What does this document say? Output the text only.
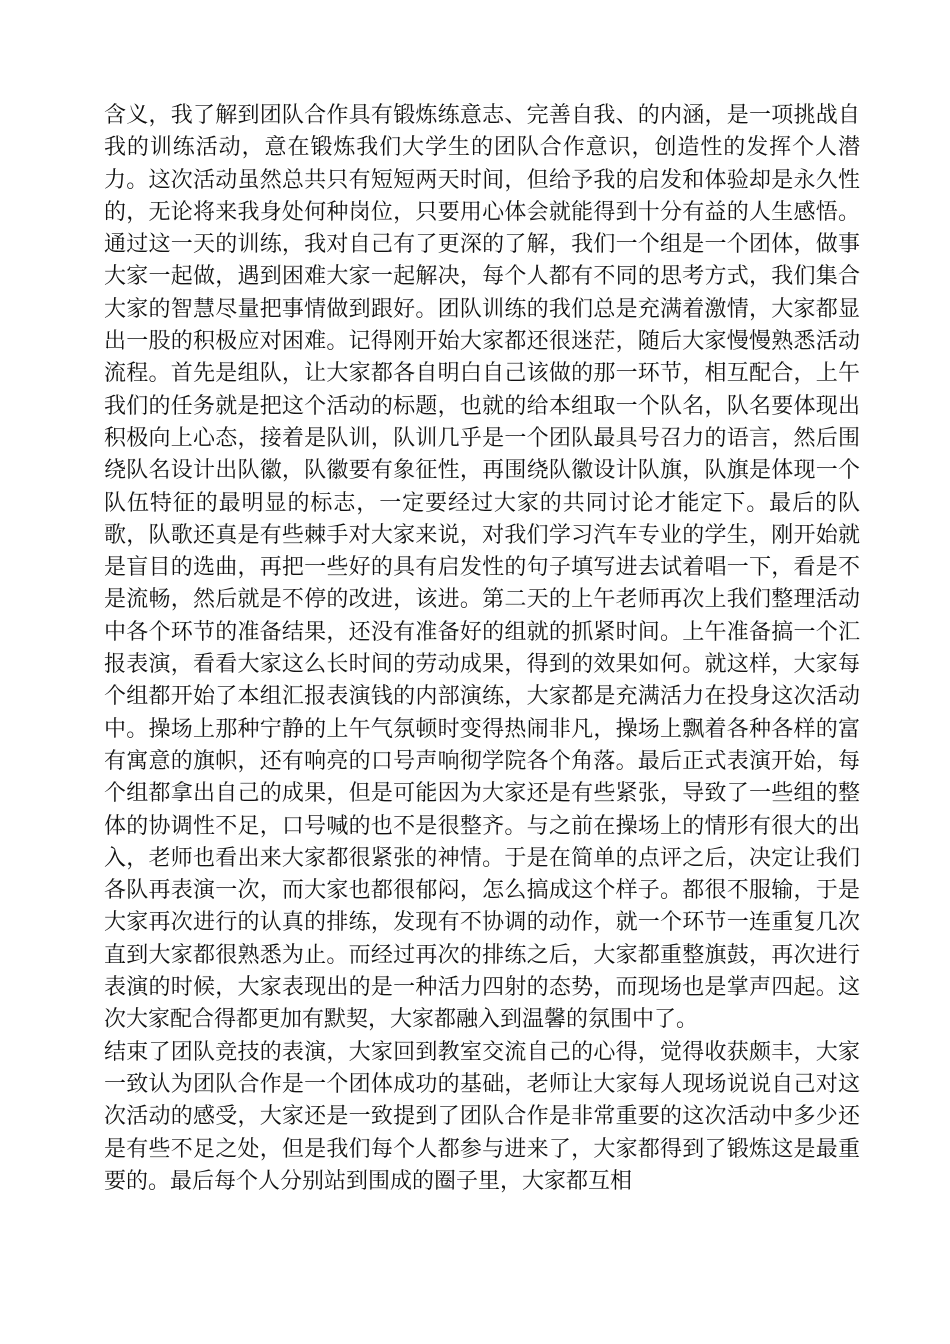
含义，我了解到团队合作具有锻炼练意志、完善自我、的内涵，是一项挑战自我的训练活动，意在锻炼我们大学生的团队合作意识，创造性的发挥个人潜力。这次活动虽然总共只有短短两天时间，但给予我的启发和体验却是永久性的，无论将来我身处何种岗位，只要用心体会就能得到十分有益的人生感悟。通过这一天的训练，我对自己有了更深的了解，我们一个组是一个团体，做事大家一起做，遇到困难大家一起解决，每个人都有不同的思考方式，我们集合大家的智慧尽量把事情做到跟好。团队训练的我们总是充满着激情，大家都显出一股的积极应对困难。记得刚开始大家都还很迷茫，随后大家慢慢熟悉活动流程。首先是组队，让大家都各自明白自己该做的那一环节，相互配合，上午我们的任务就是把这个活动的标题，也就的给本组取一个队名，队名要体现出积极向上心态，接着是队训，队训几乎是一个团队最具号召力的语言，然后围绕队名设计出队徽，队徽要有象征性，再围绕队徽设计队旗，队旗是体现一个队伍特征的最明显的标志，一定要经过大家的共同讨论才能定下。最后的队歌，队歌还真是有些棘手对大家来说，对我们学习汽车专业的学生，刚开始就是盲目的选曲，再把一些好的具有启发性的句子填写进去试着唱一下，看是不是流畅，然后就是不停的改进，该进。第二天的上午老师再次上我们整理活动中各个环节的准备结果，还没有准备好的组就的抓紧时间。上午准备搞一个汇报表演，看看大家这么长时间的劳动成果，得到的效果如何。就这样，大家每个组都开始了本组汇报表演钱的内部演练，大家都是充满活力在投身这次活动中。操场上那种宁静的上午气氛顿时变得热闹非凡，操场上飘着各种各样的富有寓意的旗帜，还有响亮的口号声响彻学院各个角落。最后正式表演开始，每个组都拿出自己的成果，但是可能因为大家还是有些紧张，导致了一些组的整体的协调性不足，口号喊的也不是很整齐。与之前在操场上的情形有很大的出入，老师也看出来大家都很紧张的神情。于是在简单的点评之后，决定让我们各队再表演一次，而大家也都很郁闷，怎么搞成这个样子。都很不服输，于是大家再次进行的认真的排练，发现有不协调的动作，就一个环节一连重复几次直到大家都很熟悉为止。而经过再次的排练之后，大家都重整旗鼓，再次进行表演的时候，大家表现出的是一种活力四射的态势，而现场也是掌声四起。这次大家配合得都更加有默契，大家都融入到温馨的氛围中了。

结束了团队竞技的表演，大家回到教室交流自己的心得，觉得收获颇丰，大家一致认为团队合作是一个团体成功的基础，老师让大家每人现场说说自己对这次活动的感受，大家还是一致提到了团队合作是非常重要的这次活动中多少还是有些不足之处，但是我们每个人都参与进来了，大家都得到了锻炼这是最重要的。最后每个人分别站到围成的圈子里，大家都互相
